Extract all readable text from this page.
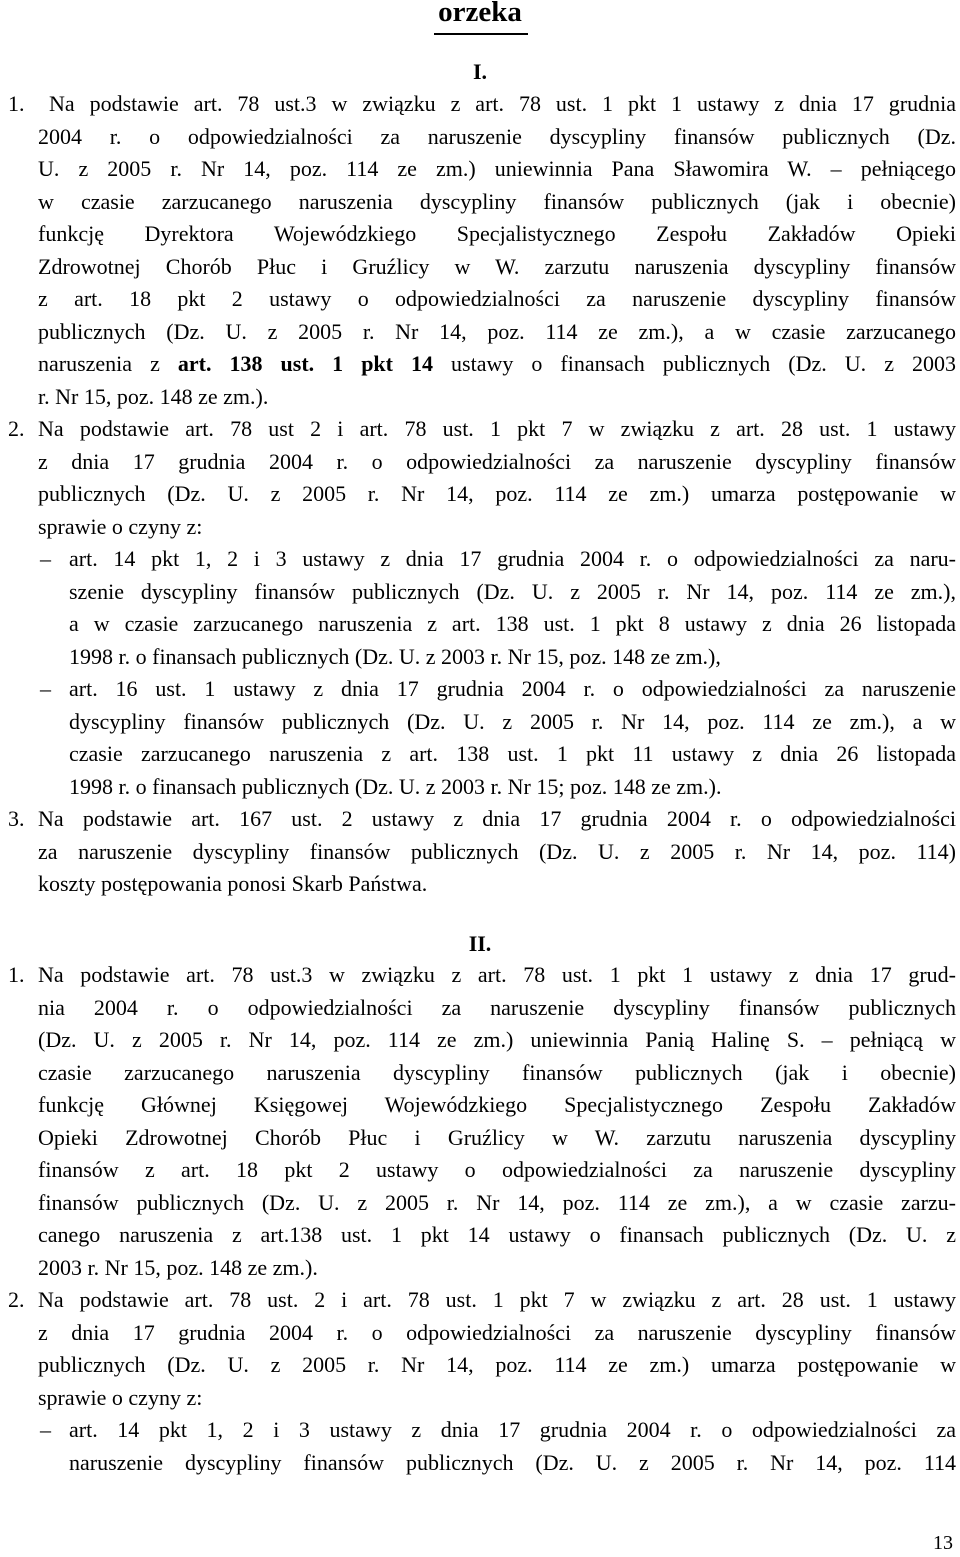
orzeka
I.
1. Na podstawie art. 78 ust.3 w związku z art. 78 ust. 1 pkt 1 ustawy z dnia 17 grudnia
2004 r. o odpowiedzialności za naruszenie dyscypliny finansów publicznych (Dz.
U. z 2005 r. Nr 14, poz. 114 ze zm.) uniewinnia Pana Sławomira W. – pełniącego
w czasie zarzucanego naruszenia dyscypliny finansów publicznych (jak i obecnie)
funkcję Dyrektora Wojewódzkiego Specjalistycznego Zespołu Zakładów Opieki
Zdrowotnej Chorób Płuc i Gruźlicy w W. zarzutu naruszenia dyscypliny finansów
z art. 18 pkt 2 ustawy o odpowiedzialności za naruszenie dyscypliny finansów
publicznych (Dz. U. z 2005 r. Nr 14, poz. 114 ze zm.), a w czasie zarzucanego
naruszenia z art. 138 ust. 1 pkt 14 ustawy o finansach publicznych (Dz. U. z 2003
r. Nr 15, poz. 148 ze zm.).
2. Na podstawie art. 78 ust 2 i art. 78 ust. 1 pkt 7 w związku z art. 28 ust. 1 ustawy
z dnia 17 grudnia 2004 r. o odpowiedzialności za naruszenie dyscypliny finansów
publicznych (Dz. U. z 2005 r. Nr 14, poz. 114 ze zm.) umarza postępowanie w
sprawie o czyny z:
– art. 14 pkt 1, 2 i 3 ustawy z dnia 17 grudnia 2004 r. o odpowiedzialności za naru-
szenie dyscypliny finansów publicznych (Dz. U. z 2005 r. Nr 14, poz. 114 ze zm.),
a w czasie zarzucanego naruszenia z art. 138 ust. 1 pkt 8 ustawy z dnia 26 listopada
1998 r. o finansach publicznych (Dz. U. z 2003 r. Nr 15, poz. 148 ze zm.),
– art. 16 ust. 1 ustawy z dnia 17 grudnia 2004 r. o odpowiedzialności za naruszenie
dyscypliny finansów publicznych (Dz. U. z 2005 r. Nr 14, poz. 114 ze zm.), a w
czasie zarzucanego naruszenia z art. 138 ust. 1 pkt 11 ustawy z dnia 26 listopada
1998 r. o finansach publicznych (Dz. U. z 2003 r. Nr 15; poz. 148 ze zm.).
3. Na podstawie art. 167 ust. 2 ustawy z dnia 17 grudnia 2004 r. o odpowiedzialności
za naruszenie dyscypliny finansów publicznych (Dz. U. z 2005 r. Nr 14, poz. 114)
koszty postępowania ponosi Skarb Państwa.
II.
1. Na podstawie art. 78 ust.3 w związku z art. 78 ust. 1 pkt 1 ustawy z dnia 17 grud-
nia 2004 r. o odpowiedzialności za naruszenie dyscypliny finansów publicznych
(Dz. U. z 2005 r. Nr 14, poz. 114 ze zm.) uniewinnia Panią Halinę S. – pełniącą w
czasie zarzucanego naruszenia dyscypliny finansów publicznych (jak i obecnie)
funkcję Głównej Księgowej Wojewódzkiego Specjalistycznego Zespołu Zakładów
Opieki Zdrowotnej Chorób Płuc i Gruźlicy w W. zarzutu naruszenia dyscypliny
finansów z art. 18 pkt 2 ustawy o odpowiedzialności za naruszenie dyscypliny
finansów publicznych (Dz. U. z 2005 r. Nr 14, poz. 114 ze zm.), a w czasie zarzu-
canego naruszenia z art.138 ust. 1 pkt 14 ustawy o finansach publicznych (Dz. U. z
2003 r. Nr 15, poz. 148 ze zm.).
2. Na podstawie art. 78 ust. 2 i art. 78 ust. 1 pkt 7 w związku z art. 28 ust. 1 ustawy
z dnia 17 grudnia 2004 r. o odpowiedzialności za naruszenie dyscypliny finansów
publicznych (Dz. U. z 2005 r. Nr 14, poz. 114 ze zm.) umarza postępowanie w
sprawie o czyny z:
– art. 14 pkt 1, 2 i 3 ustawy z dnia 17 grudnia 2004 r. o odpowiedzialności za
naruszenie dyscypliny finansów publicznych (Dz. U. z 2005 r. Nr 14, poz. 114
13
